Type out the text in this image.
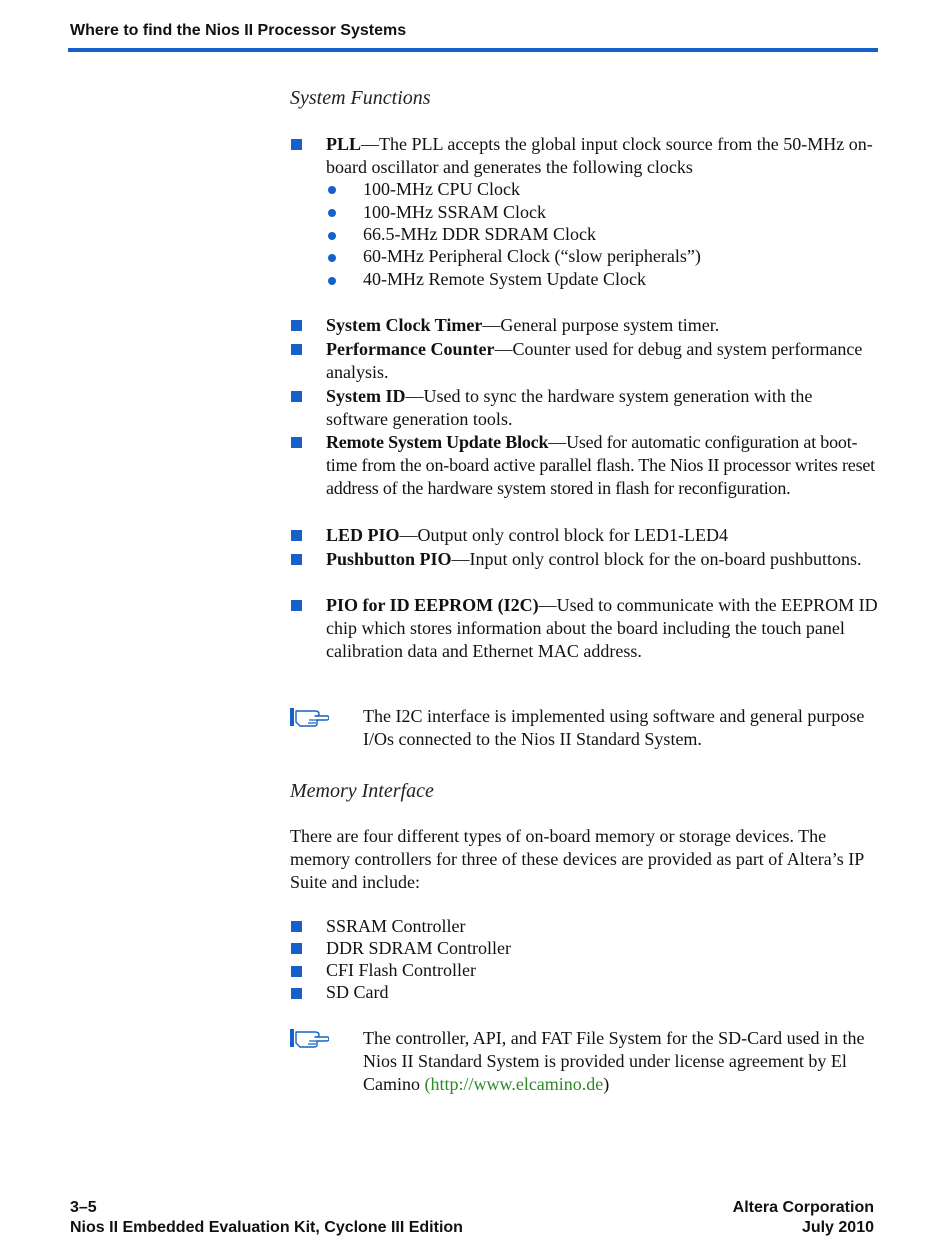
Where to find the Nios II Processor Systems
System Functions
PLL—The PLL accepts the global input clock source from the 50-MHz on-board oscillator and generates the following clocks
100-MHz CPU Clock
100-MHz SSRAM Clock
66.5-MHz DDR SDRAM Clock
60-MHz Peripheral Clock (“slow peripherals”)
40-MHz Remote System Update Clock
System Clock Timer—General purpose system timer.
Performance Counter—Counter used for debug and system performance analysis.
System ID—Used to sync the hardware system generation with the software generation tools.
Remote System Update Block—Used for automatic configuration at boot-time from the on-board active parallel flash. The Nios II processor writes reset address of the hardware system stored in flash for reconfiguration.
LED PIO—Output only control block for LED1-LED4
Pushbutton PIO—Input only control block for the on-board pushbuttons.
PIO for ID EEPROM (I2C)—Used to communicate with the EEPROM ID chip which stores information about the board including the touch panel calibration data and Ethernet MAC address.
The I2C interface is implemented using software and general purpose I/Os connected to the Nios II Standard System.
Memory Interface
There are four different types of on-board memory or storage devices. The memory controllers for three of these devices are provided as part of Altera’s IP Suite and include:
SSRAM Controller
DDR SDRAM Controller
CFI Flash Controller
SD Card
The controller, API, and FAT File System for the SD-Card used in the Nios II Standard System is provided under license agreement by El Camino (http://www.elcamino.de)
3–5
Nios II Embedded Evaluation Kit, Cyclone III Edition
Altera Corporation
July 2010
